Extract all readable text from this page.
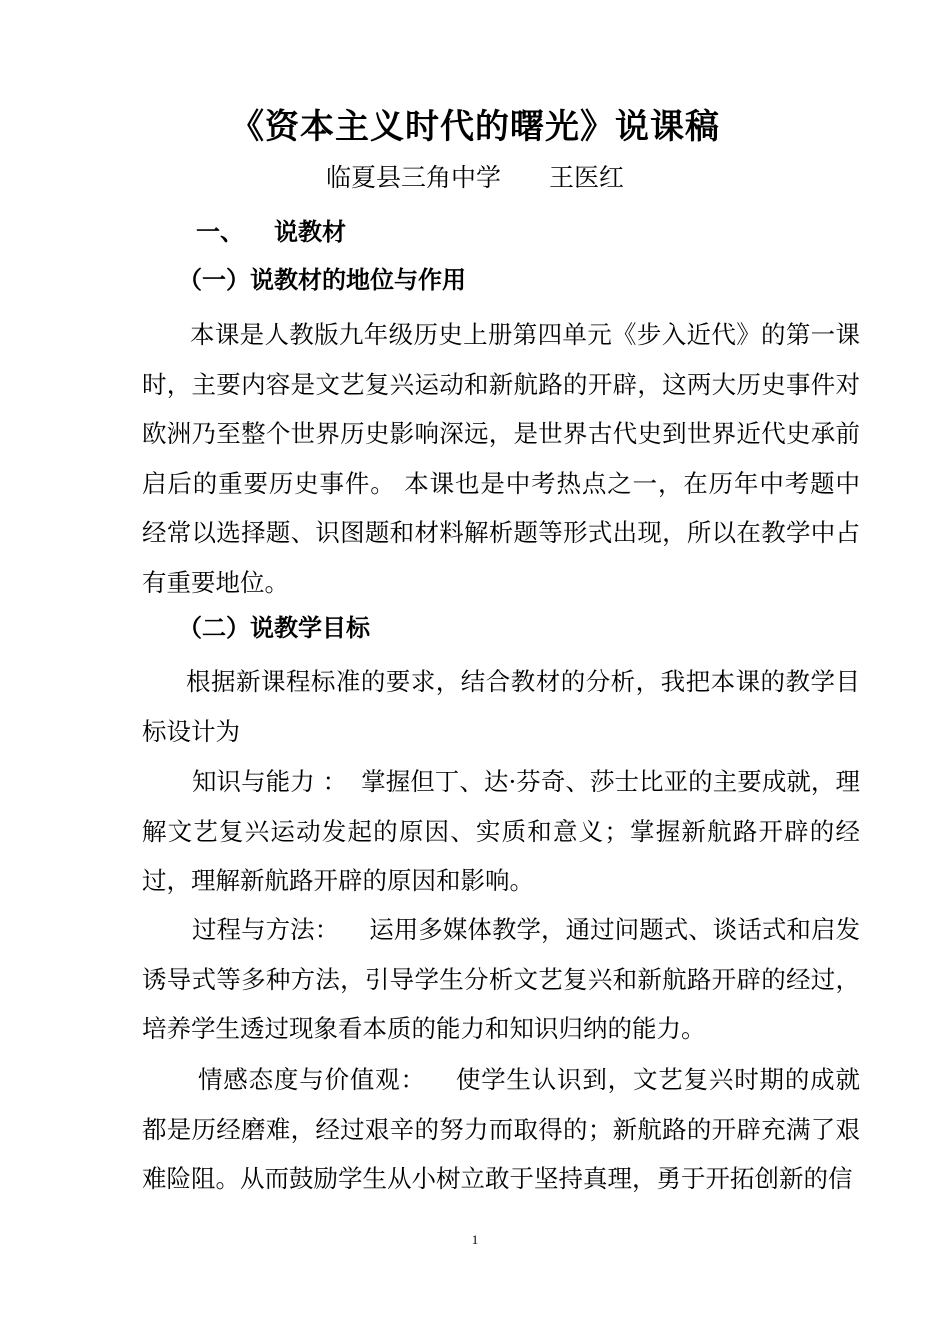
《资本主义时代的曙光》说课稿
临夏县三角中学 王医红
一、 说教材
（一）说教材的地位与作用
本课是人教版九年级历史上册第四单元《步入近代》的第一课时，主要内容是文艺复兴运动和新航路的开辟，这两大历史事件对欧洲乃至整个世界历史影响深远，是世界古代史到世界近代史承前启后的重要历史事件。 本课也是中考热点之一，在历年中考题中经常以选择题、识图题和材料解析题等形式出现，所以在教学中占有重要地位。
（二）说教学目标
根据新课程标准的要求，结合教材的分析，我把本课的教学目标设计为
知识与能力 ： 掌握但丁、达·芬奇、莎士比亚的主要成就，理解文艺复兴运动发起的原因、实质和意义；掌握新航路开辟的经过，理解新航路开辟的原因和影响。
过程与方法： 运用多媒体教学，通过问题式、谈话式和启发诱导式等多种方法，引导学生分析文艺复兴和新航路开辟的经过，培养学生透过现象看本质的能力和知识归纳的能力。
情感态度与价值观： 使学生认识到，文艺复兴时期的成就都是历经磨难，经过艰辛的努力而取得的；新航路的开辟充满了艰难险阻。从而鼓励学生从小树立敢于坚持真理，勇于开拓创新的信
1
